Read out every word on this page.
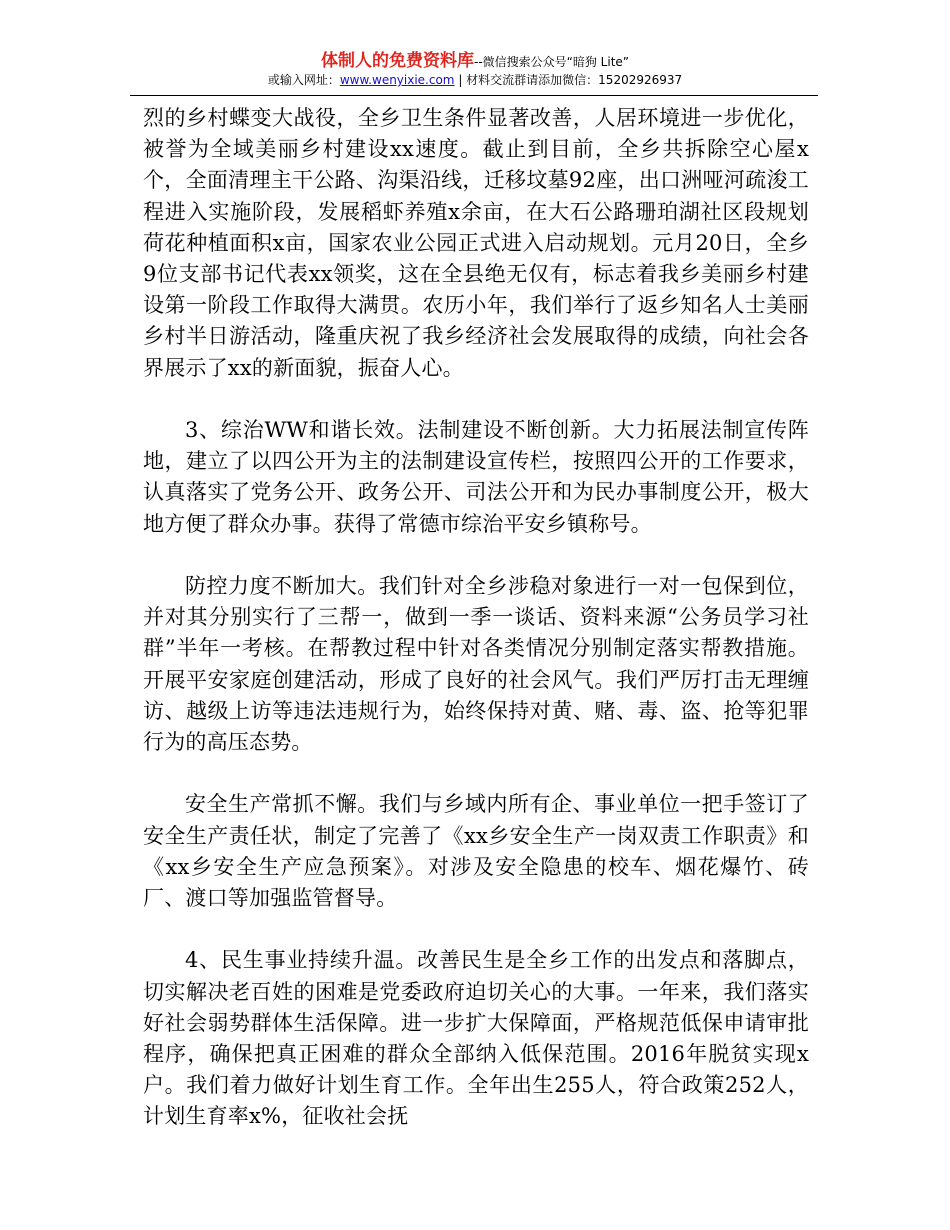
体制人的免费资料库--微信搜索公众号“暗狗 Lite”
或输入网址：www.wenyixie.com | 材料交流群请添加微信：15202926937

烈的乡村蝶变大战役，全乡卫生条件显著改善，人居环境进一步优化，被誉为全域美丽乡村建设xx速度。截止到目前，全乡共拆除空心屋x个，全面清理主干公路、沟渠沿线，迁移坟墓92座，出口洲哑河疏浚工程进入实施阶段，发展稻虾养殖x余亩，在大石公路珊珀湖社区段规划荷花种植面积x亩，国家农业公园正式进入启动规划。元月20日，全乡9位支部书记代表xx领奖，这在全县绝无仅有，标志着我乡美丽乡村建设第一阶段工作取得大满贯。农历小年，我们举行了返乡知名人士美丽乡村半日游活动，隆重庆祝了我乡经济社会发展取得的成绩，向社会各界展示了xx的新面貌，振奋人心。

3、综治WW和谐长效。法制建设不断创新。大力拓展法制宣传阵地，建立了以四公开为主的法制建设宣传栏，按照四公开的工作要求，认真落实了党务公开、政务公开、司法公开和为民办事制度公开，极大地方便了群众办事。获得了常德市综治平安乡镇称号。

防控力度不断加大。我们针对全乡涉稳对象进行一对一包保到位，并对其分别实行了三帮一，做到一季一谈话、资料来源“公务员学习社群”半年一考核。在帮教过程中针对各类情况分别制定落实帮教措施。开展平安家庭创建活动，形成了良好的社会风气。我们严厉打击无理缠访、越级上访等违法违规行为，始终保持对黄、赌、毒、盗、抢等犯罪行为的高压态势。

安全生产常抓不懈。我们与乡域内所有企、事业单位一把手签订了安全生产责任状，制定了完善了《xx乡安全生产一岗双责工作职责》和《xx乡安全生产应急预案》。对涉及安全隐患的校车、烟花爆竹、砖厂、渡口等加强监管督导。

4、民生事业持续升温。改善民生是全乡工作的出发点和落脚点，切实解决老百姓的困难是党委政府迫切关心的大事。一年来，我们落实好社会弱势群体生活保障。进一步扩大保障面，严格规范低保申请审批程序，确保把真正困难的群众全部纳入低保范围。2016年脱贫实现x户。我们着力做好计划生育工作。全年出生255人，符合政策252人，计划生育率x%，征收社会抚
